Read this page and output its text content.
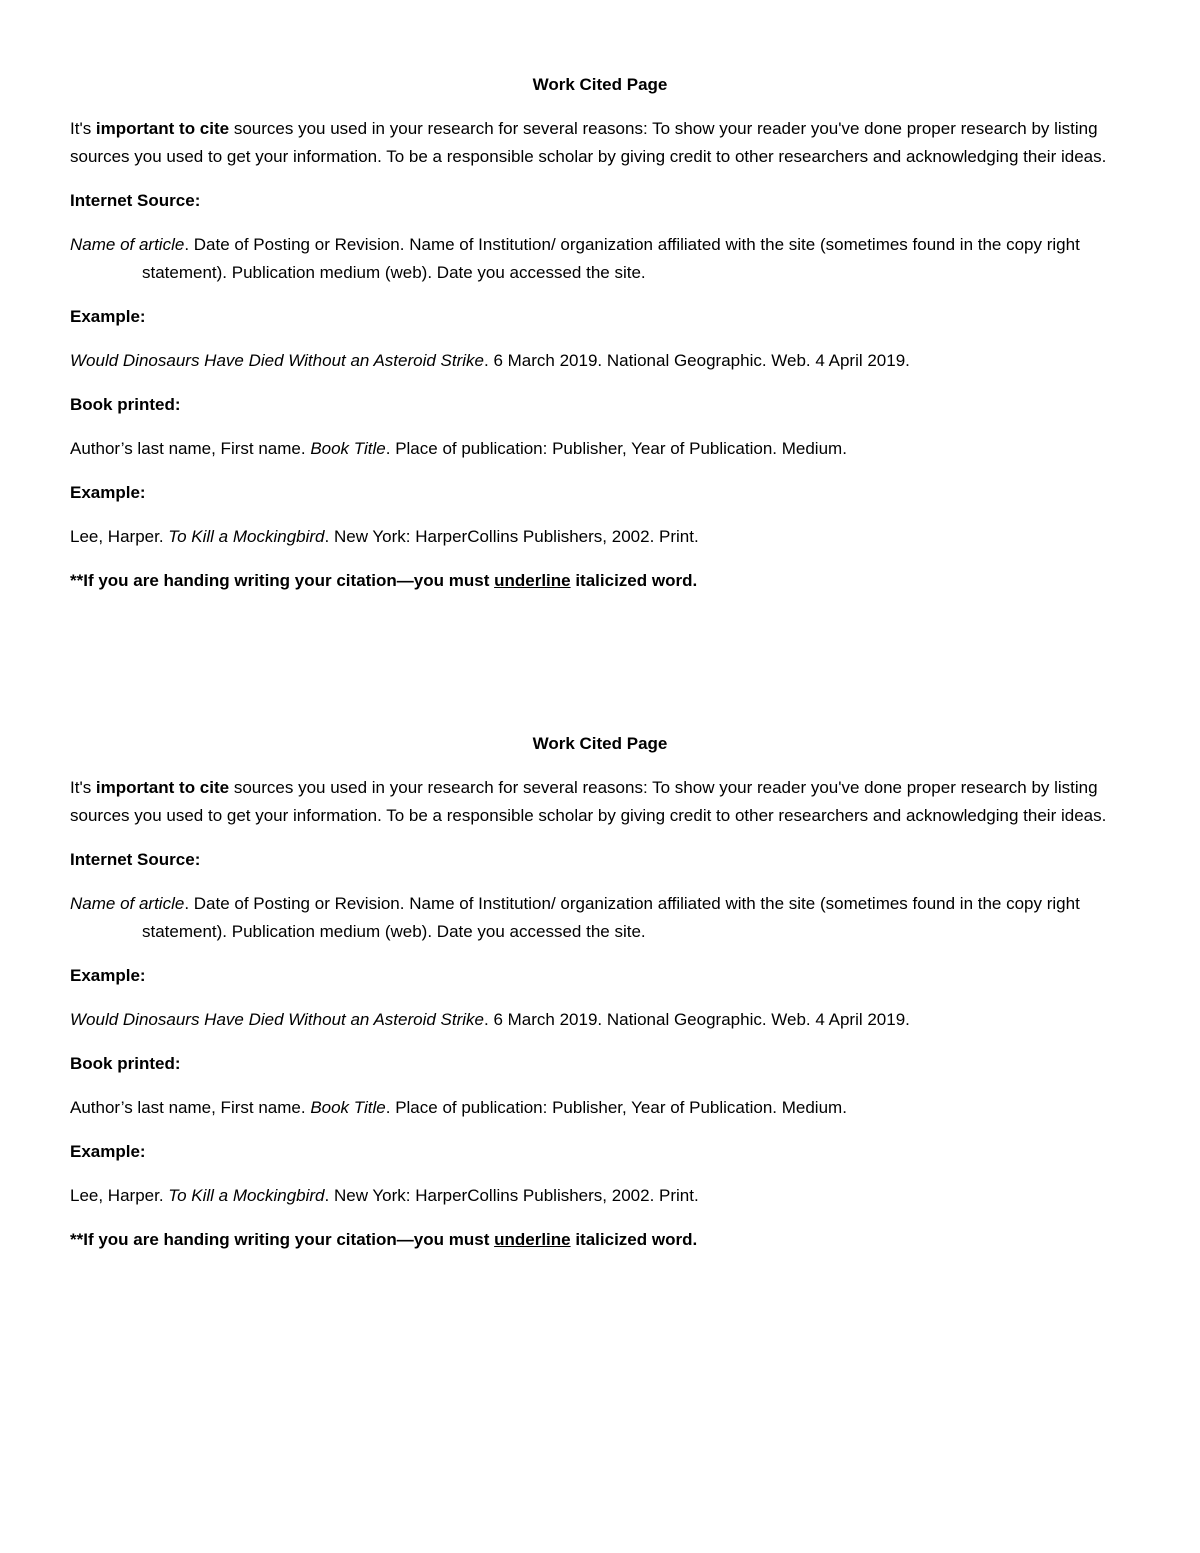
Work Cited Page
It's important to cite sources you used in your research for several reasons: To show your reader you've done proper research by listing sources you used to get your information. To be a responsible scholar by giving credit to other researchers and acknowledging their ideas.
Internet Source:
Name of article. Date of Posting or Revision. Name of Institution/ organization affiliated with the site (sometimes found in the copy right statement). Publication medium (web). Date you accessed the site.
Example:
Would Dinosaurs Have Died Without an Asteroid Strike. 6 March 2019. National Geographic. Web. 4 April 2019.
Book printed:
Author’s last name, First name. Book Title. Place of publication: Publisher, Year of Publication. Medium.
Example:
Lee, Harper. To Kill a Mockingbird. New York: HarperCollins Publishers, 2002. Print.
**If you are handing writing your citation—you must underline italicized word.
Work Cited Page
It's important to cite sources you used in your research for several reasons: To show your reader you've done proper research by listing sources you used to get your information. To be a responsible scholar by giving credit to other researchers and acknowledging their ideas.
Internet Source:
Name of article. Date of Posting or Revision. Name of Institution/ organization affiliated with the site (sometimes found in the copy right statement). Publication medium (web). Date you accessed the site.
Example:
Would Dinosaurs Have Died Without an Asteroid Strike. 6 March 2019. National Geographic. Web. 4 April 2019.
Book printed:
Author’s last name, First name. Book Title. Place of publication: Publisher, Year of Publication. Medium.
Example:
Lee, Harper. To Kill a Mockingbird. New York: HarperCollins Publishers, 2002. Print.
**If you are handing writing your citation—you must underline italicized word.
